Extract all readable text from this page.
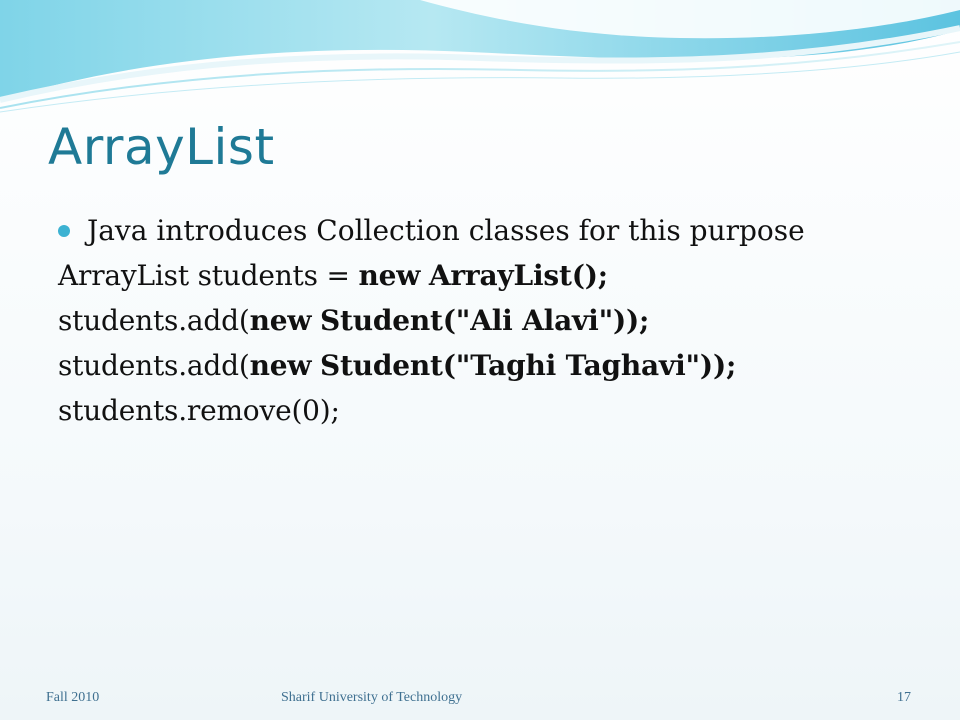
ArrayList
Java introduces Collection classes for this purpose
ArrayList students = new
ArrayList();
students.add( new
Student(" Ali Alavi "));
students.add( new
Student(" Taghi Taghavi "));
students.remove(0);
Fall 2010	Sharif University of Technology	17
